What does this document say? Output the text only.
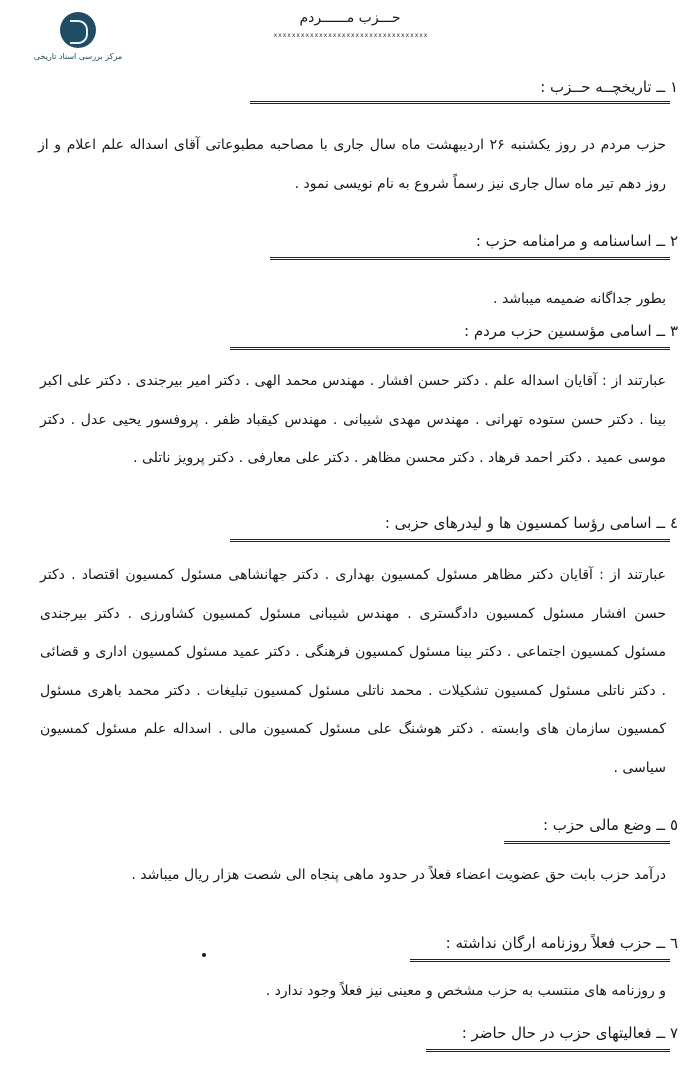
مرکز بررسی اسناد تاریخی
حـــزب مــــــردم
xxxxxxxxxxxxxxxxxxxxxxxxxxxxxxxxxx
۱ ــ تاریخچــه حــزب :
حزب مردم در روز یکشنبه ۲۶ اردیبهشت ماه سال جاری با مصاحبه مطبوعاتی آقای اسداله علم اعلام و از روز دهم تیر ماه سال جاری نیز رسماً شروع به نام نویسی نمود .
۲ ــ اساسنامه و مرامنامه حزب :
بطور جداگانه ضمیمه میباشد .
۳ ــ اسامی مؤسسین حزب مردم :
عبارتند از : آقایان اسداله علم . دکتر حسن افشار . مهندس محمد الهی . دکتر امیر بیرجندی . دکتر علی اکبر بینا . دکتر حسن ستوده تهرانی . مهندس مهدی شیبانی . مهندس کیقباد ظفر . پروفسور یحیی عدل . دکتر موسی عمید . دکتر احمد فرهاد . دکتر محسن مظاهر . دکتر علی معارفی . دکتر پرویز ناتلی .
٤ ــ اسامی رؤسا کمسیون ها و لیدرهای حزبی :
عبارتند از : آقایان دکتر مظاهر مسئول کمسیون بهداری . دکتر جهانشاهی مسئول کمسیون اقتصاد . دکتر حسن افشار مسئول کمسیون دادگستری . مهندس شیبانی مسئول کمسیون کشاورزی . دکتر بیرجندی مسئول کمسیون اجتماعی . دکتر بینا مسئول کمسیون فرهنگی . دکتر عمید مسئول کمسیون اداری و قضائی . دکتر ناتلی مسئول کمسیون تشکیلات . محمد ناتلی مسئول کمسیون تبلیغات . دکتر محمد باهری مسئول کمسیون سازمان های وابسته . دکتر هوشنگ علی مسئول کمسیون مالی . اسداله علم مسئول کمسیون سیاسی .
٥ ــ وضع مالی حزب :
درآمد حزب بابت حق عضویت اعضاء فعلاً در حدود ماهی پنجاه الی شصت هزار ریال میباشد .
٦ ــ حزب فعلاً روزنامه ارگان نداشته :
و روزنامه های منتسب به حزب مشخص و معینی نیز فعلاً وجود ندارد .
۷ ــ فعالیتهای حزب در حال حاضر :
